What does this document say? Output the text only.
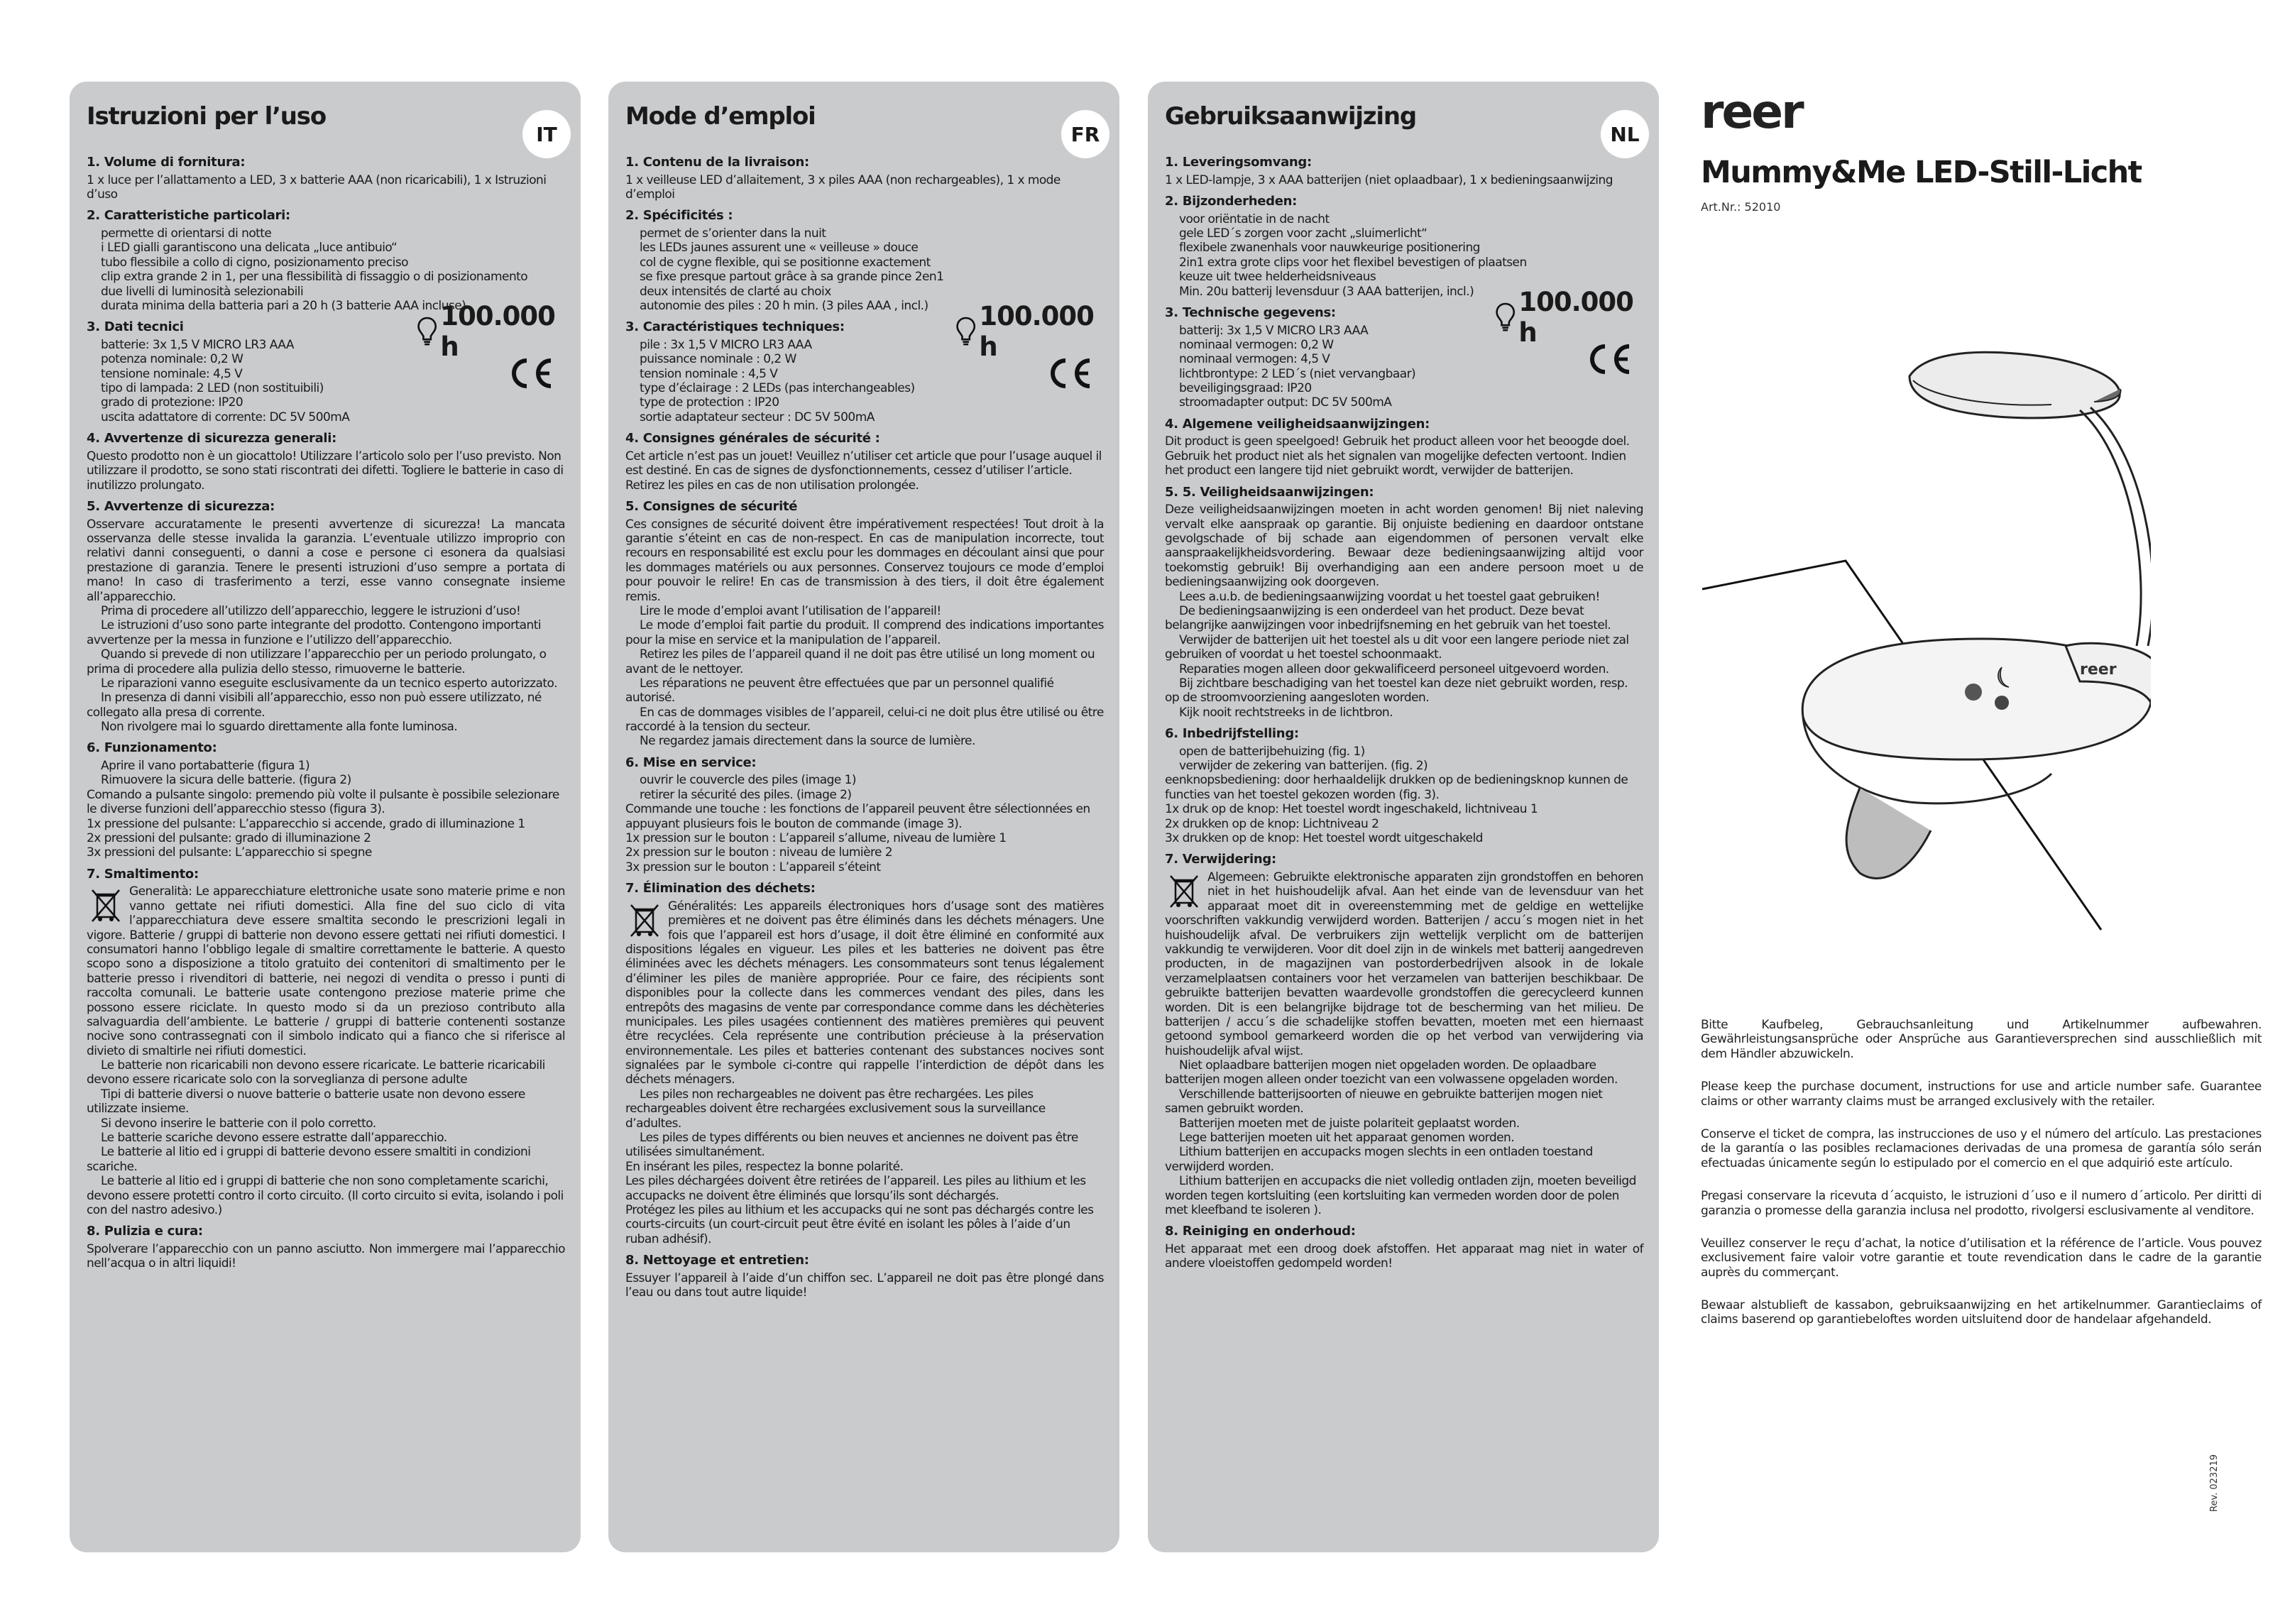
Istruzioni per l’uso
IT
1. Volume di fornitura:

1 x luce per l’allattamento a LED, 3 x batterie AAA (non ricaricabili), 1 x Istruzioni d’uso

2. Caratteristiche particolari:
permette di orientarsi di notte
i LED gialli garantiscono una delicata „luce antibuio“
tubo flessibile a collo di cigno, posizionamento preciso
clip extra grande 2 in 1, per una flessibilità di fissaggio o di posizionamento
due livelli di luminosità selezionabili
durata minima della batteria pari a 20 h (3 batterie AAA incluse)
3. Dati tecnici
batterie: 3x 1,5 V MICRO LR3 AAA
potenza nominale: 0,2 W
tensione nominale: 4,5 V
tipo di lampada: 2 LED (non sostituibili)
grado di protezione: IP20
uscita adattatore di corrente: DC 5V 500mA
100.000 h
4. Avvertenze di sicurezza generali:

Questo prodotto non è un giocattolo! Utilizzare l’articolo solo per l’uso previsto. Non utilizzare il prodotto, se sono stati riscontrati dei difetti. Togliere le batterie in caso di inutilizzo prolungato.

5. Avvertenze di sicurezza:

Osservare accuratamente le presenti avvertenze di sicurezza! La mancata osservanza delle stesse invalida la garanzia. L’eventuale utilizzo improprio con relativi danni conseguenti, o danni a cose e persone ci esonera da qualsiasi prestazione di garanzia. Tenere le presenti istruzioni d’uso sempre a portata di mano! In caso di trasferimento a terzi, esse vanno consegnate insieme all’apparecchio.

Prima di procedere all’utilizzo dell’apparecchio, leggere le istruzioni d’uso!

Le istruzioni d’uso sono parte integrante del prodotto. Contengono importanti avvertenze per la messa in funzione e l’utilizzo dell’apparecchio.

Quando si prevede di non utilizzare l’apparecchio per un periodo prolungato, o prima di procedere alla pulizia dello stesso, rimuoverne le batterie.

Le riparazioni vanno eseguite esclusivamente da un tecnico esperto autorizzato.

In presenza di danni visibili all’apparecchio, esso non può essere utilizzato, né collegato alla presa di corrente.

Non rivolgere mai lo sguardo direttamente alla fonte luminosa.

6. Funzionamento:
Aprire il vano portabatterie (figura 1)
Rimuovere la sicura delle batterie. (figura 2)

Comando a pulsante singolo: premendo più volte il pulsante è possibile selezionare le diverse funzioni dell’apparecchio stesso (figura 3).

1x pressione del pulsante: L’apparecchio si accende, grado di illuminazione 1
2x pressioni del pulsante: grado di illuminazione 2
3x pressioni del pulsante: L’apparecchio si spegne
7. Smaltimento:
Generalità: Le apparecchiature elettroniche usate sono materie prime e non vanno gettate nei rifiuti domestici. Alla fine del suo ciclo di vita l’apparecchiatura deve essere smaltita secondo le prescrizioni legali in vigore. Batterie / gruppi di batterie non devono essere gettati nei rifiuti domestici. I consumatori hanno l’obbligo legale di smaltire correttamente le batterie. A questo scopo sono a disposizione a titolo gratuito dei contenitori di smaltimento per le batterie presso i rivenditori di batterie, nei negozi di vendita o presso i punti di raccolta comunali. Le batterie usate contengono preziose materie prime che possono essere riciclate. In questo modo si da un prezioso contributo alla salvaguardia dell’ambiente. Le batterie / gruppi di batterie contenenti sostanze nocive sono contrassegnati con il simbolo indicato qui a fianco che si riferisce al divieto di smaltirle nei rifiuti domestici.

Le batterie non ricaricabili non devono essere ricaricate. Le batterie ricaricabili devono essere ricaricate solo con la sorveglianza di persone adulte

Tipi di batterie diversi o nuove batterie o batterie usate non devono essere utilizzate insieme.

Si devono inserire le batterie con il polo corretto.

Le batterie scariche devono essere estratte dall’apparecchio.

Le batterie al litio ed i gruppi di batterie devono essere smaltiti in condizioni scariche.

Le batterie al litio ed i gruppi di batterie che non sono completamente scarichi, devono essere protetti contro il corto circuito. (Il corto circuito si evita, isolando i poli con del nastro adesivo.)

8. Pulizia e cura:

Spolverare l’apparecchio con un panno asciutto. Non immergere mai l’apparecchio nell’acqua o in altri liquidi!

Mode d’emploi
FR
1. Contenu de la livraison:

1 x veilleuse LED d’allaitement, 3 x piles AAA (non rechargeables), 1 x mode d’emploi

2. Spécificités :
permet de s’orienter dans la nuit
les LEDs jaunes assurent une « veilleuse » douce
col de cygne flexible, qui se positionne exactement
se fixe presque partout grâce à sa grande pince 2en1
deux intensités de clarté au choix
autonomie des piles : 20 h min. (3 piles AAA , incl.)
3. Caractéristiques techniques:
pile : 3x 1,5 V MICRO LR3 AAA
puissance nominale : 0,2 W
tension nominale : 4,5 V
type d’éclairage : 2 LEDs (pas interchangeables)
type de protection : IP20
sortie adaptateur secteur : DC 5V 500mA
100.000 h
4. Consignes générales de sécurité :

Cet article n’est pas un jouet! Veuillez n’utiliser cet article que pour l’usage auquel il est destiné. En cas de signes de dysfonctionnements, cessez d’utiliser l’article. Retirez les piles en cas de non utilisation prolongée.

5. Consignes de sécurité

Ces consignes de sécurité doivent être impérativement respectées! Tout droit à la garantie s’éteint en cas de non-respect. En cas de manipulation incorrecte, tout recours en responsabilité est exclu pour les dommages en découlant ainsi que pour les dommages matériels ou aux personnes. Conservez toujours ce mode d’emploi pour pouvoir le relire! En cas de transmission à des tiers, il doit être également remis.

Lire le mode d’emploi avant l’utilisation de l’appareil!

Le mode d’emploi fait partie du produit. Il comprend des indications importantes pour la mise en service et la manipulation de l’appareil.

Retirez les piles de l’appareil quand il ne doit pas être utilisé un long moment ou avant de le nettoyer.

Les réparations ne peuvent être effectuées que par un personnel qualifié autorisé.

En cas de dommages visibles de l’appareil, celui-ci ne doit plus être utilisé ou être raccordé à la tension du secteur.

Ne regardez jamais directement dans la source de lumière.

6. Mise en service:
ouvrir le couvercle des piles (image 1)
retirer la sécurité des piles. (image 2)

Commande une touche : les fonctions de l’appareil peuvent être sélectionnées en appuyant plusieurs fois le bouton de commande (image 3).

1x pression sur le bouton : L’appareil s’allume, niveau de lumière 1
2x pression sur le bouton : niveau de lumière 2
3x pression sur le bouton : L’appareil s’éteint
7. Élimination des déchets:
Généralités: Les appareils électroniques hors d’usage sont des matières premières et ne doivent pas être éliminés dans les déchets ménagers. Une fois que l’appareil est hors d’usage, il doit être éliminé en conformité aux dispositions légales en vigueur. Les piles et les batteries ne doivent pas être éliminées avec les déchets ménagers. Les consommateurs sont tenus légalement d’éliminer les piles de manière appropriée. Pour ce faire, des récipients sont disponibles pour la collecte dans les commerces vendant des piles, dans les entrepôts des magasins de vente par correspondance comme dans les déchèteries municipales. Les piles usagées contiennent des matières premières qui peuvent être recyclées. Cela représente une contribution précieuse à la préservation environnementale. Les piles et batteries contenant des substances nocives sont signalées par le symbole ci-contre qui rappelle l’interdiction de dépôt dans les déchets ménagers.

Les piles non rechargeables ne doivent pas être rechargées. Les piles rechargeables doivent être rechargées exclusivement sous la surveillance d’adultes.

Les piles de types différents ou bien neuves et anciennes ne doivent pas être utilisées simultanément.

En insérant les piles, respectez la bonne polarité.

Les piles déchargées doivent être retirées de l’appareil. Les piles au lithium et les accupacks ne doivent être éliminés que lorsqu’ils sont déchargés.

Protégez les piles au lithium et les accupacks qui ne sont pas déchargés contre les courts-circuits (un court-circuit peut être évité en isolant les pôles à l’aide d’un ruban adhésif).

8. Nettoyage et entretien:

Essuyer l’appareil à l’aide d’un chiffon sec. L’appareil ne doit pas être plongé dans l’eau ou dans tout autre liquide!

Gebruiksaanwijzing
NL
1. Leveringsomvang:

1 x LED-lampje, 3 x AAA batterijen (niet oplaadbaar), 1 x bedieningsaanwijzing

2. Bijzonderheden:
voor oriëntatie in de nacht
gele LED´s zorgen voor zacht „sluimerlicht“
flexibele zwanenhals voor nauwkeurige positionering
2in1 extra grote clips voor het flexibel bevestigen of plaatsen
keuze uit twee helderheidsniveaus
Min. 20u batterij levensduur (3 AAA batterijen, incl.)
3. Technische gegevens:
batterij: 3x 1,5 V MICRO LR3 AAA
nominaal vermogen: 0,2 W
nominaal vermogen: 4,5 V
lichtbrontype: 2 LED´s (niet vervangbaar)
beveiligingsgraad: IP20
stroomadapter output: DC 5V 500mA
100.000 h
4. Algemene veiligheidsaanwijzingen:

Dit product is geen speelgoed! Gebruik het product alleen voor het beoogde doel. Gebruik het product niet als het signalen van mogelijke defecten vertoont. Indien het product een langere tijd niet gebruikt wordt, verwijder de batterijen.

5. 5. Veiligheidsaanwijzingen:

Deze veiligheidsaanwijzingen moeten in acht worden genomen! Bij niet naleving vervalt elke aanspraak op garantie. Bij onjuiste bediening en daardoor ontstane gevolgschade of bij schade aan eigendommen of personen vervalt elke aanspraakelijkheidsvordering. Bewaar deze bedieningsaanwijzing altijd voor toekomstig gebruik! Bij overhandiging aan een andere persoon moet u de bedieningsaanwijzing ook doorgeven.

Lees a.u.b. de bedieningsaanwijzing voordat u het toestel gaat gebruiken!

De bedieningsaanwijzing is een onderdeel van het product. Deze bevat belangrijke aanwijzingen voor inbedrijfsneming en het gebruik van het toestel.

Verwijder de batterijen uit het toestel als u dit voor een langere periode niet zal gebruiken of voordat u het toestel schoonmaakt.

Reparaties mogen alleen door gekwalificeerd personeel uitgevoerd worden.

Bij zichtbare beschadiging van het toestel kan deze niet gebruikt worden, resp. op de stroomvoorziening aangesloten worden.

Kijk nooit rechtstreeks in de lichtbron.

6. Inbedrijfstelling:
open de batterijbehuizing (fig. 1)
verwijder de zekering van batterijen. (fig. 2)
eenknopsbediening: door herhaaldelijk drukken op de bedieningsknop kunnen de functies van het toestel gekozen worden (fig. 3).
1x druk op de knop: Het toestel wordt ingeschakeld, lichtniveau 1
2x drukken op de knop: Lichtniveau 2
3x drukken op de knop: Het toestel wordt uitgeschakeld
7. Verwijdering:
Algemeen: Gebruikte elektronische apparaten zijn grondstoffen en behoren niet in het huishoudelijk afval. Aan het einde van de levensduur van het apparaat moet dit in overeenstemming met de geldige en wettelijke voorschriften vakkundig verwijderd worden. Batterijen / accu´s mogen niet in het huishoudelijk afval. De verbruikers zijn wettelijk verplicht om de batterijen vakkundig te verwijderen. Voor dit doel zijn in de winkels met batterij aangedreven producten, in de magazijnen van postorderbedrijven alsook in de lokale verzamelplaatsen containers voor het verzamelen van batterijen beschikbaar. De gebruikte batterijen bevatten waardevolle grondstoffen die gerecycleerd kunnen worden. Dit is een belangrijke bijdrage tot de bescherming van het milieu. De batterijen / accu´s die schadelijke stoffen bevatten, moeten met een hiernaast getoond symbool gemarkeerd worden die op het verbod van verwijdering via huishoudelijk afval wijst.

Niet oplaadbare batterijen mogen niet opgeladen worden. De oplaadbare batterijen mogen alleen onder toezicht van een volwassene opgeladen worden.

Verschillende batterijsoorten of nieuwe en gebruikte batterijen mogen niet samen gebruikt worden.

Batterijen moeten met de juiste polariteit geplaatst worden.

Lege batterijen moeten uit het apparaat genomen worden.

Lithium batterijen en accupacks mogen slechts in een ontladen toestand verwijderd worden.

Lithium batterijen en accupacks die niet volledig ontladen zijn, moeten beveiligd worden tegen kortsluiting (een kortsluiting kan vermeden worden door de polen met kleefband te isoleren ).

8. Reiniging en onderhoud:

Het apparaat met een droog doek afstoffen. Het apparaat mag niet in water of andere vloeistoffen gedompeld worden!

reer
Mummy&Me LED-Still-Licht
Art.Nr.: 52010
reer

Bitte Kaufbeleg, Gebrauchsanleitung und Artikelnummer aufbewahren. Gewährleistungsansprüche oder Ansprüche aus Garantieversprechen sind ausschließlich mit dem Händler abzuwickeln.

Please keep the purchase document, instructions for use and article number safe. Guarantee claims or other warranty claims must be arranged exclusively with the retailer.

Conserve el ticket de compra, las instrucciones de uso y el número del artículo. Las prestaciones de la garantía o las posibles reclamaciones derivadas de una promesa de garantía sólo serán efectuadas únicamente según lo estipulado por el comercio en el que adquirió este artículo.

Pregasi conservare la ricevuta d´acquisto, le istruzioni d´uso e il numero d´articolo. Per diritti di garanzia o promesse della garanzia inclusa nel prodotto, rivolgersi esclusivamente al venditore.

Veuillez conserver le reçu d’achat, la notice d’utilisation et la référence de l’article. Vous pouvez exclusivement faire valoir votre garantie et toute revendication dans le cadre de la garantie auprès du commerçant.

Bewaar alstublieft de kassabon, gebruiksaanwijzing en het artikelnummer. Garantieclaims of claims baserend op garantiebeloftes worden uitsluitend door de handelaar afgehandeld.

Rev. 023219
